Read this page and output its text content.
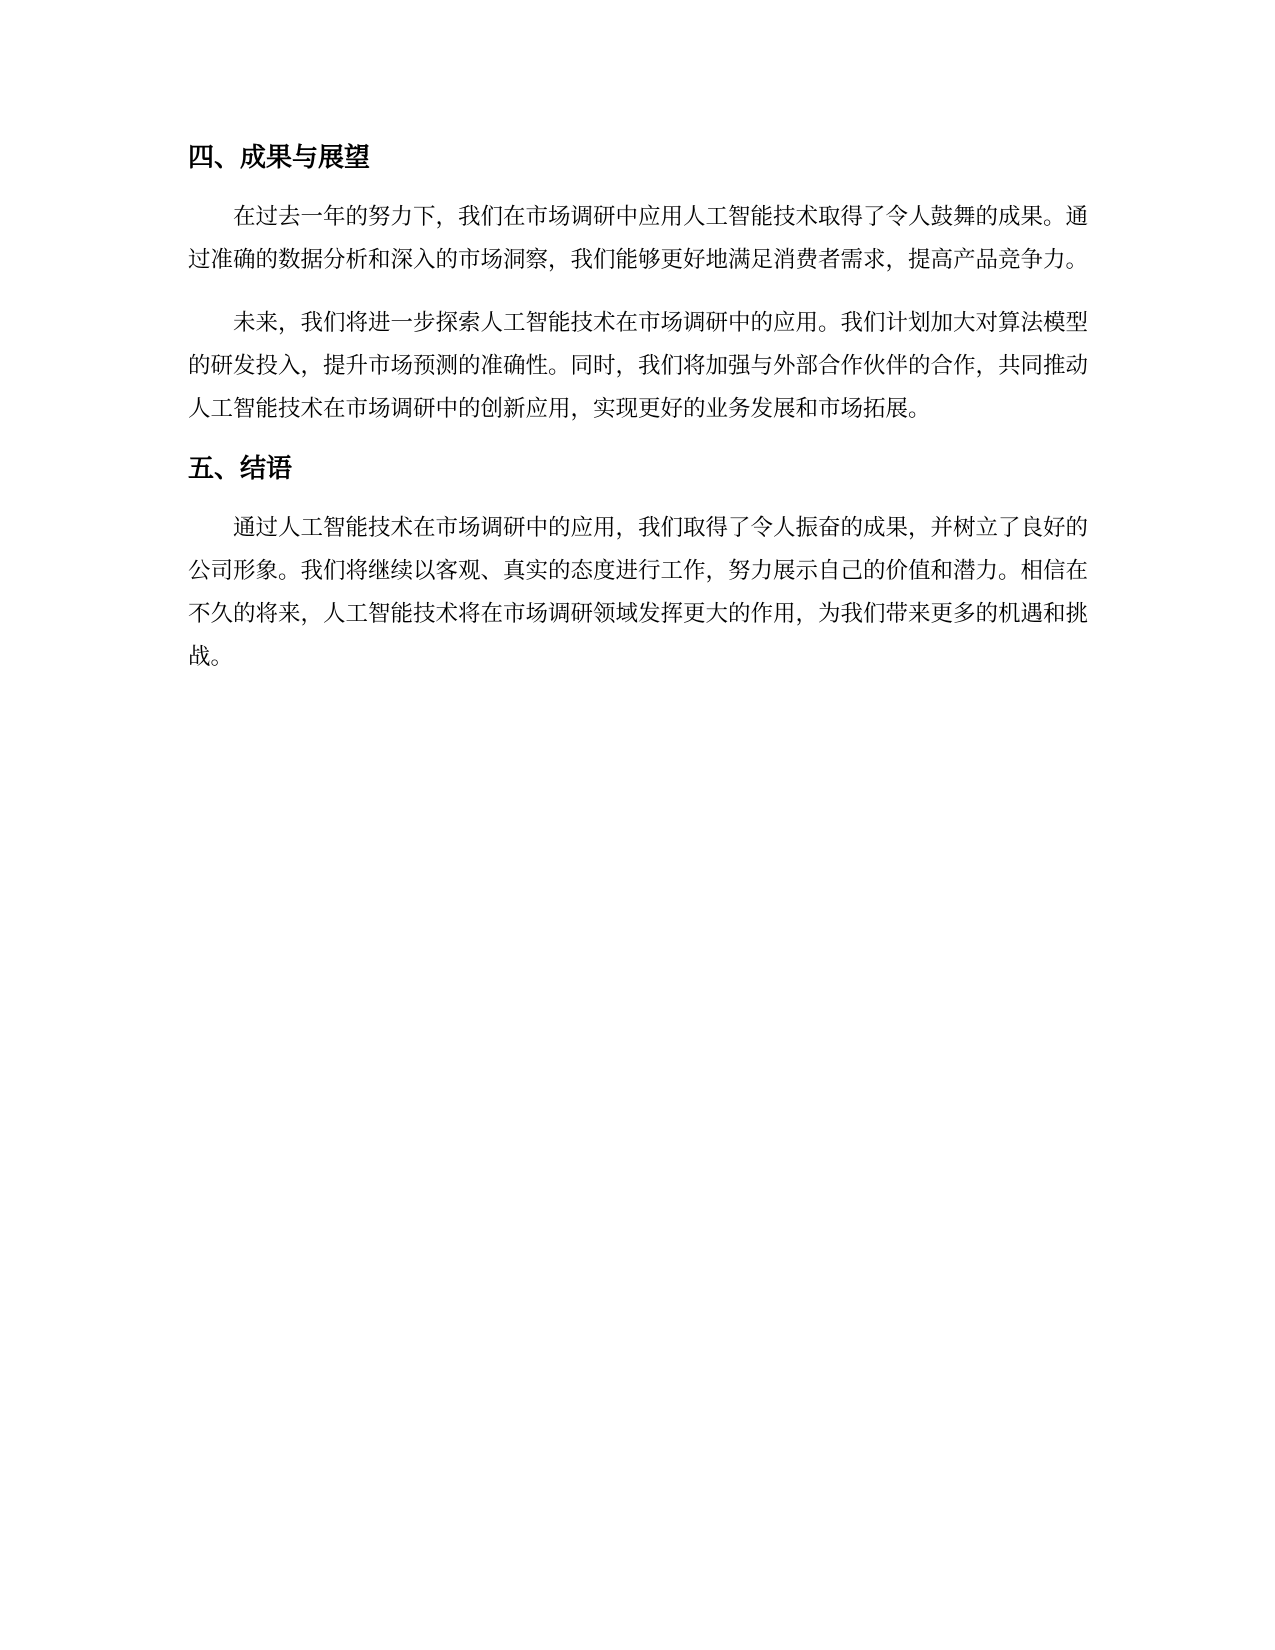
四、成果与展望

在过去一年的努力下，我们在市场调研中应用人工智能技术取得了令人鼓舞的成果。通过准确的数据分析和深入的市场洞察，我们能够更好地满足消费者需求，提高产品竞争力。

未来，我们将进一步探索人工智能技术在市场调研中的应用。我们计划加大对算法模型的研发投入，提升市场预测的准确性。同时，我们将加强与外部合作伙伴的合作，共同推动人工智能技术在市场调研中的创新应用，实现更好的业务发展和市场拓展。

五、结语

通过人工智能技术在市场调研中的应用，我们取得了令人振奋的成果，并树立了良好的公司形象。我们将继续以客观、真实的态度进行工作，努力展示自己的价值和潜力。相信在不久的将来，人工智能技术将在市场调研领域发挥更大的作用，为我们带来更多的机遇和挑战。
